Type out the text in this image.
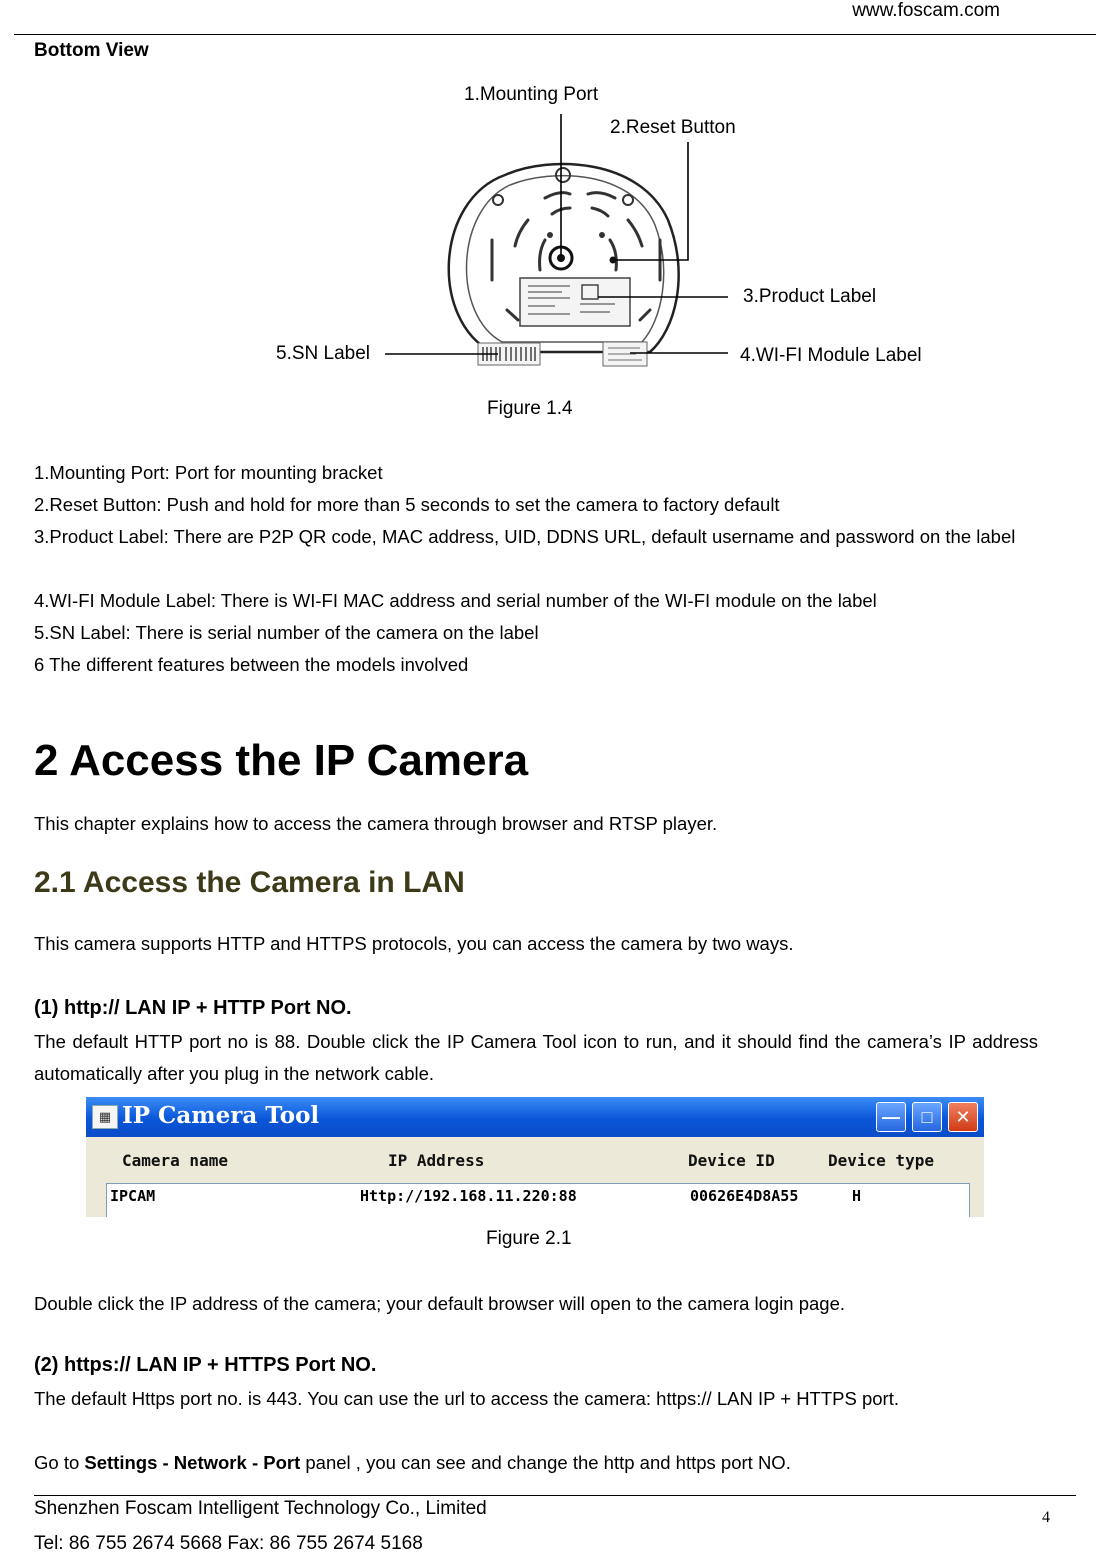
www.foscam.com
Bottom View
1.Mounting Port
2.Reset Button
3.Product Label
4.WI-FI Module Label
5.SN Label
Figure 1.4
1.Mounting Port: Port for mounting bracket
2.Reset Button: Push and hold for more than 5 seconds to set the camera to factory default
3.Product Label: There are P2P QR code, MAC address, UID, DDNS URL, default username and password on the label
4.WI-FI Module Label: There is WI-FI MAC address and serial number of the WI-FI module on the label
5.SN Label: There is serial number of the camera on the label
6 The different features between the models involved
2 Access the IP Camera
This chapter explains how to access the camera through browser and RTSP player.
2.1 Access the Camera in LAN
This camera supports HTTP and HTTPS protocols, you can access the camera by two ways.
(1) http:// LAN IP + HTTP Port NO.
The default HTTP port no is 88. Double click the IP Camera Tool icon to run, and it should find the camera’s IP address automatically after you plug in the network cable.
▦ IP Camera Tool	—	□	✕
Camera name	IP Address	Device ID	Device type
IPCAM	Http://192.168.11.220:88	00626E4D8A55	H
Figure 2.1
Double click the IP address of the camera; your default browser will open to the camera login page.
(2) https:// LAN IP + HTTPS Port NO.
The default Https port no. is 443. You can use the url to access the camera: https:// LAN IP + HTTPS port.
Go to Settings - Network - Port panel , you can see and change the http and https port NO.
Shenzhen Foscam Intelligent Technology Co., Limited
Tel: 86 755 2674 5668 Fax: 86 755 2674 5168
4
